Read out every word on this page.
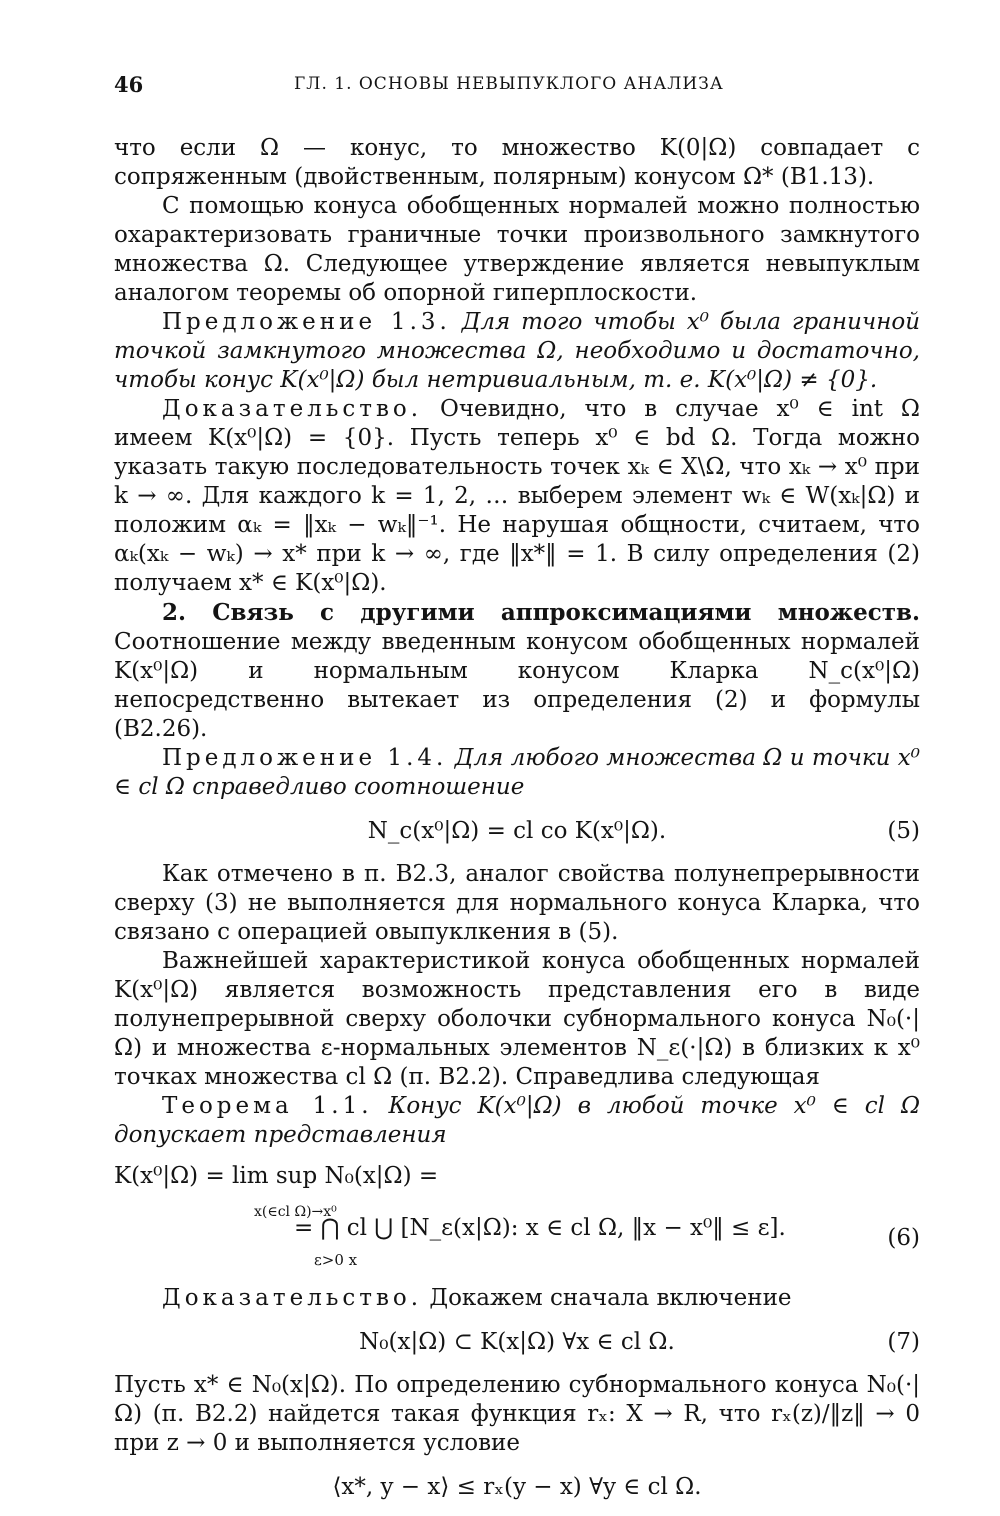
46	ГЛ. 1. ОСНОВЫ НЕВЫПУКЛОГО АНАЛИЗА

что если Ω — конус, то множество K(0|Ω) совпадает с сопряженным (двойственным, полярным) конусом Ω* (B1.13).

С помощью конуса обобщенных нормалей можно полностью охарактеризовать граничные точки произвольного замкнутого множества Ω. Следующее утверждение является невыпуклым аналогом теоремы об опорной гиперплоскости.

Предложение 1.3. Для того чтобы x⁰ была граничной точкой замкнутого множества Ω, необходимо и достаточно, чтобы конус K(x⁰|Ω) был нетривиальным, т. е. K(x⁰|Ω) ≠ {0}.

Доказательство. Очевидно, что в случае x⁰ ∈ int Ω имеем K(x⁰|Ω) = {0}. Пусть теперь x⁰ ∈ bd Ω. Тогда можно указать такую последовательность точек xₖ ∈ X\Ω, что xₖ → x⁰ при k → ∞. Для каждого k = 1, 2, … выберем элемент wₖ ∈ W(xₖ|Ω) и положим αₖ = ‖xₖ − wₖ‖⁻¹. Не нарушая общности, считаем, что αₖ(xₖ − wₖ) → x* при k → ∞, где ‖x*‖ = 1. В силу определения (2) получаем x* ∈ K(x⁰|Ω).

2. Связь с другими аппроксимациями множеств. Соотношение между введенным конусом обобщенных нормалей K(x⁰|Ω) и нормальным конусом Кларка N_c(x⁰|Ω) непосредственно вытекает из определения (2) и формулы (B2.26).

Предложение 1.4. Для любого множества Ω и точки x⁰ ∈ cl Ω справедливо соотношение

N_c(x⁰|Ω) = cl co K(x⁰|Ω).	(5)

Как отмечено в п. B2.3, аналог свойства полунепрерывности сверху (3) не выполняется для нормального конуса Кларка, что связано с операцией овыпуклкения в (5).

Важнейшей характеристикой конуса обобщенных нормалей K(x⁰|Ω) является возможность представления его в виде полунепрерывной сверху оболочки субнормального конуса N₀(·|Ω) и множества ε-нормальных элементов N_ε(·|Ω) в близких к x⁰ точках множества cl Ω (п. B2.2). Справедлива следующая

Теорема 1.1. Конус K(x⁰|Ω) в любой точке x⁰ ∈ cl Ω допускает представления

K(x⁰|Ω) = lim sup N₀(x|Ω) =
x(∈cl Ω)→x⁰
= ⋂ cl ⋃ [N_ε(x|Ω): x ∈ cl Ω, ‖x − x⁰‖ ≤ ε].
ε>0 x
(6)

Доказательство. Докажем сначала включение

N₀(x|Ω) ⊂ K(x|Ω) ∀x ∈ cl Ω.	(7)

Пусть x* ∈ N₀(x|Ω). По определению субнормального конуса N₀(·|Ω) (п. B2.2) найдется такая функция rₓ: X → R, что rₓ(z)/‖z‖ → 0 при z → 0 и выполняется условие

⟨x*, y − x⟩ ≤ rₓ(y − x) ∀y ∈ cl Ω.
